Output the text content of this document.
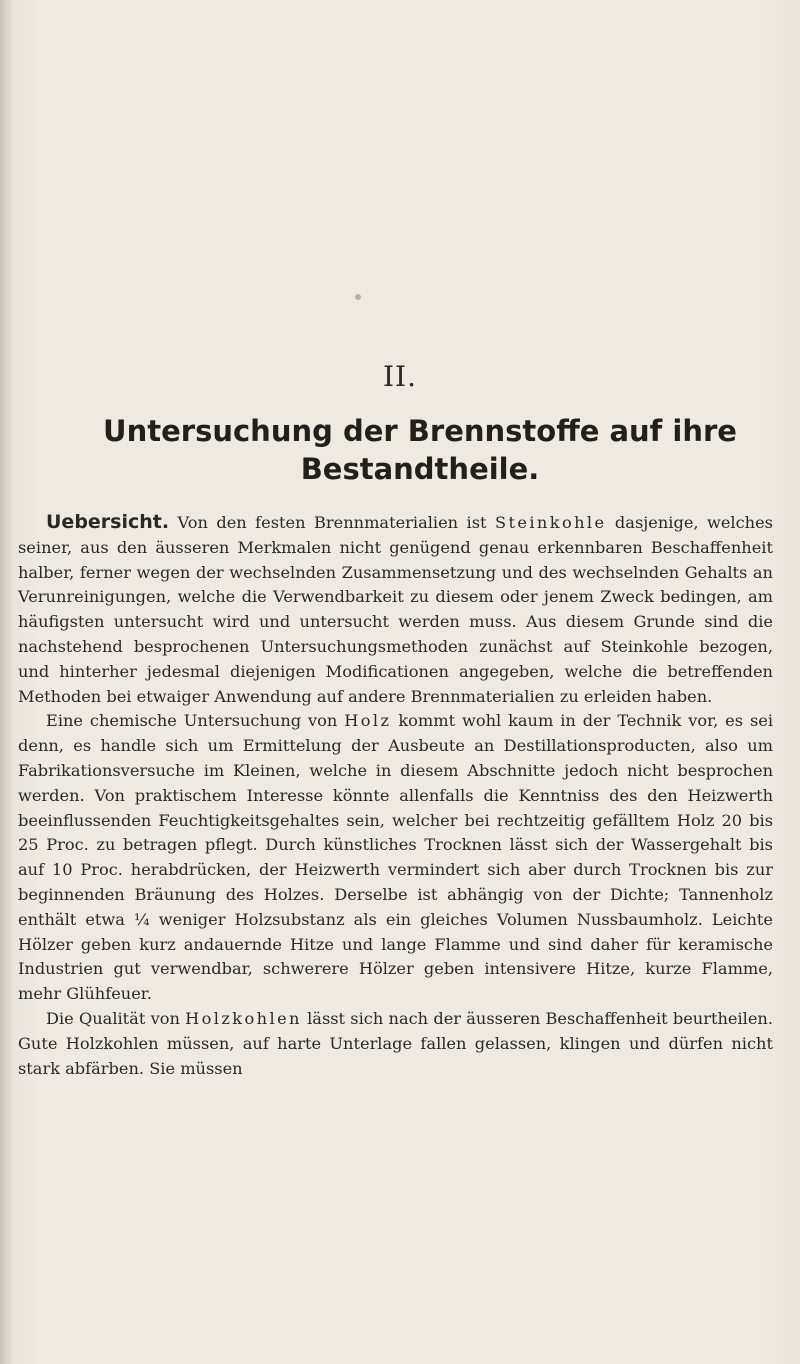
II.
Untersuchung der Brennstoffe auf ihre
Bestandtheile.

Uebersicht. Von den festen Brennmaterialien ist Steinkohle dasjenige, welches seiner, aus den äusseren Merkmalen nicht genügend genau erkennbaren Beschaffenheit halber, ferner wegen der wechselnden Zusammensetzung und des wechselnden Gehalts an Verunreinigungen, welche die Verwendbarkeit zu diesem oder jenem Zweck bedingen, am häufigsten untersucht wird und untersucht werden muss. Aus diesem Grunde sind die nachstehend besprochenen Untersuchungsmethoden zunächst auf Steinkohle bezogen, und hinterher jedesmal diejenigen Modificationen angegeben, welche die betreffenden Methoden bei etwaiger Anwendung auf andere Brennmaterialien zu erleiden haben.

Eine chemische Untersuchung von Holz kommt wohl kaum in der Technik vor, es sei denn, es handle sich um Ermittelung der Ausbeute an Destillationsproducten, also um Fabrikationsversuche im Kleinen, welche in diesem Abschnitte jedoch nicht besprochen werden. Von praktischem Interesse könnte allenfalls die Kenntniss des den Heizwerth beeinflussenden Feuchtigkeitsgehaltes sein, welcher bei rechtzeitig gefälltem Holz 20 bis 25 Proc. zu betragen pflegt. Durch künstliches Trocknen lässt sich der Wassergehalt bis auf 10 Proc. herabdrücken, der Heizwerth vermindert sich aber durch Trocknen bis zur beginnenden Bräunung des Holzes. Derselbe ist abhängig von der Dichte; Tannenholz enthält etwa ¼ weniger Holzsubstanz als ein gleiches Volumen Nussbaumholz. Leichte Hölzer geben kurz andauernde Hitze und lange Flamme und sind daher für keramische Industrien gut verwendbar, schwerere Hölzer geben intensivere Hitze, kurze Flamme, mehr Glühfeuer.

Die Qualität von Holzkohlen lässt sich nach der äusseren Beschaffenheit beurtheilen. Gute Holzkohlen müssen, auf harte Unterlage fallen gelassen, klingen und dürfen nicht stark abfärben. Sie müssen
